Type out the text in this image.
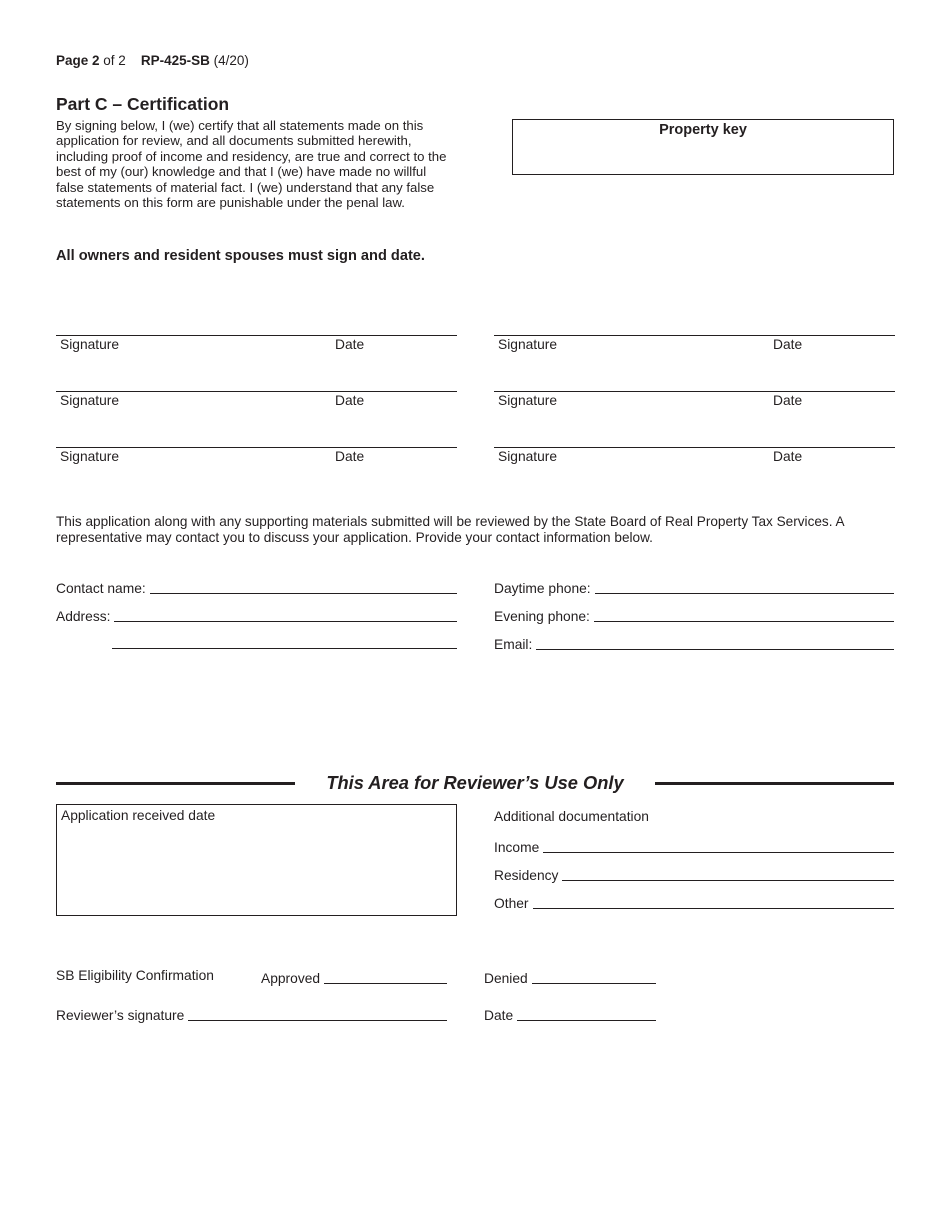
Page 2 of 2 RP-425-SB (4/20)
Part C – Certification
By signing below, I (we) certify that all statements made on this application for review, and all documents submitted herewith, including proof of income and residency, are true and correct to the best of my (our) knowledge and that I (we) have made no willful false statements of material fact. I (we) understand that any false statements on this form are punishable under the penal law.
Property key
All owners and resident spouses must sign and date.
Signature	Date
Signature	Date
Signature	Date
Signature	Date
Signature	Date
Signature	Date
This application along with any supporting materials submitted will be reviewed by the State Board of Real Property Tax Services. A representative may contact you to discuss your application. Provide your contact information below.
Contact name:
Address:
Daytime phone:
Evening phone:
Email:
This Area for Reviewer’s Use Only
Application received date	Additional documentation
Income
Residency
Other
SB Eligibility Confirmation	Approved	Denied
Reviewer’s signature	Date
